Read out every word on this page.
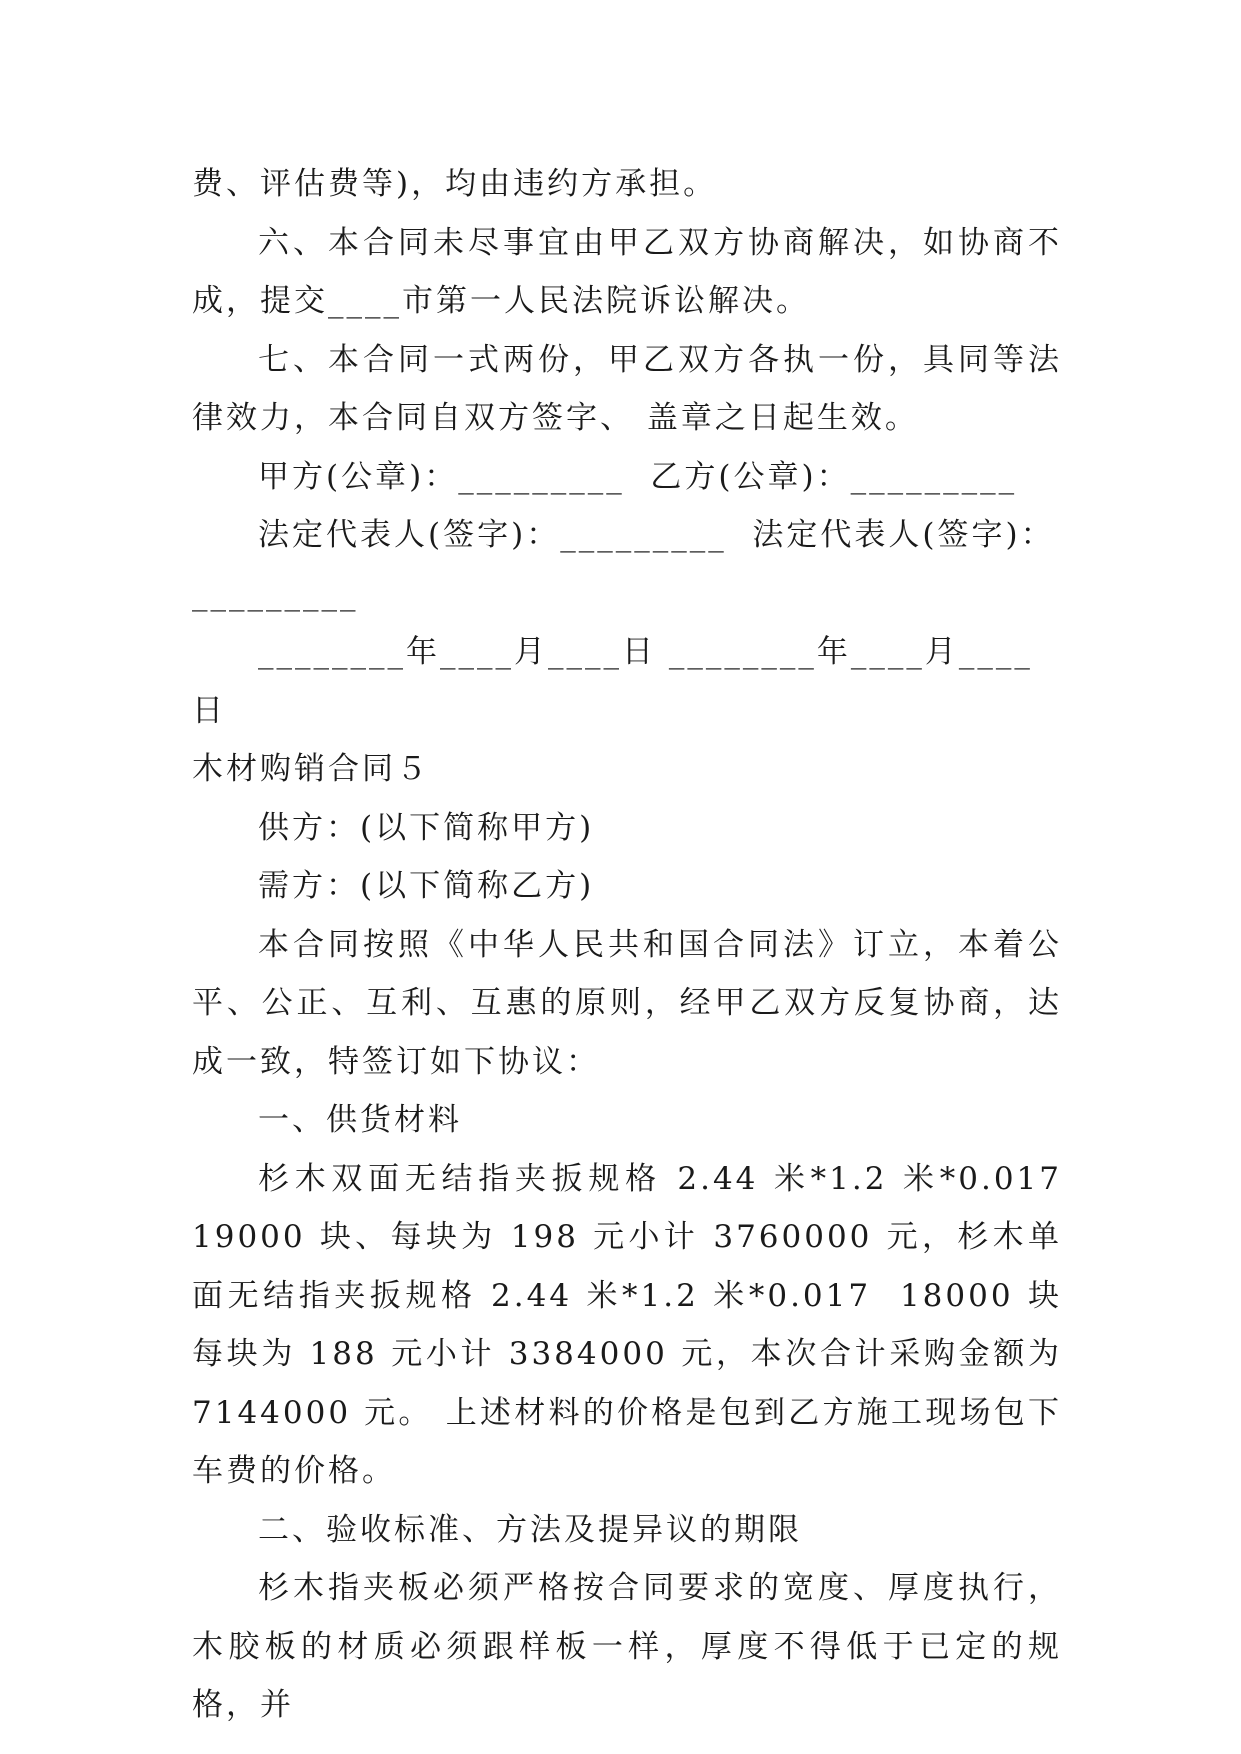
费、评估费等)，均由违约方承担。

六、本合同未尽事宜由甲乙双方协商解决，如协商不成，提交____市第一人民法院诉讼解决。

七、本合同一式两份，甲乙双方各执一份，具同等法律效力，本合同自双方签字、 盖章之日起生效。

甲方(公章)：_________  乙方(公章)：_________

法定代表人(签字)：_________  法定代表人(签字)：

_________

________年____月____日 ________年____月____日

木材购销合同５

供方：(以下简称甲方)

需方：(以下简称乙方)

本合同按照《中华人民共和国合同法》订立，本着公平、公正、互利、互惠的原则，经甲乙双方反复协商，达成一致，特签订如下协议：

一、供货材料

杉木双面无结指夹扳规格 2.44 米*1.2 米*0.017  19000 块、每块为 198 元小计 3760000 元，杉木单面无结指夹扳规格 2.44 米*1.2 米*0.017  18000 块  每块为 188 元小计 3384000 元，本次合计采购金额为 7144000 元。 上述材料的价格是包到乙方施工现场包下车费的价格。

二、验收标准、方法及提异议的期限

杉木指夹板必须严格按合同要求的宽度、厚度执行，木胶板的材质必须跟样板一样，厚度不得低于已定的规格，并
